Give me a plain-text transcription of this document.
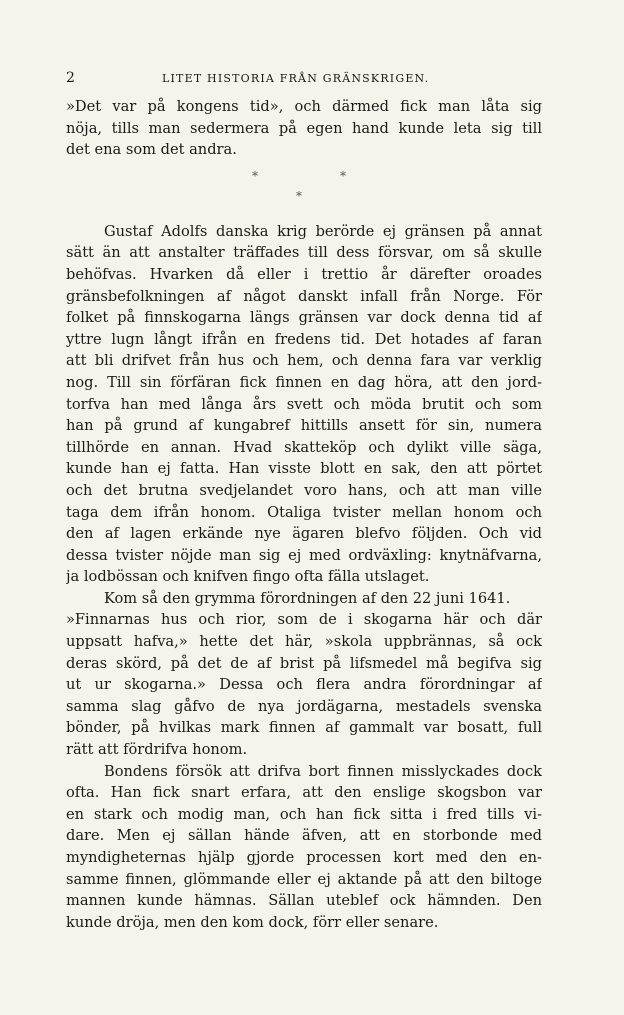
2	LITET HISTORIA FRÅN GRÄNSKRIGEN.
»Det var på kongens tid», och därmed fick man låta sig
nöja, tills man sedermera på egen hand kunde leta sig till
det ena som det andra.
*	*
*
Gustaf Adolfs danska krig berörde ej gränsen på annat
sätt än att anstalter träffades till dess försvar, om så skulle
behöfvas. Hvarken då eller i trettio år därefter oroades
gränsbefolkningen af något danskt infall från Norge. För
folket på finnskogarna längs gränsen var dock denna tid af
yttre lugn långt ifrån en fredens tid. Det hotades af faran
att bli drifvet från hus och hem, och denna fara var verklig
nog. Till sin förfäran fick finnen en dag höra, att den jord-
torfva han med långa års svett och möda brutit och som
han på grund af kungabref hittills ansett för sin, numera
tillhörde en annan. Hvad skatteköp och dylikt ville säga,
kunde han ej fatta. Han visste blott en sak, den att pörtet
och det brutna svedjelandet voro hans, och att man ville
taga dem ifrån honom. Otaliga tvister mellan honom och
den af lagen erkände nye ägaren blefvo följden. Och vid
dessa tvister nöjde man sig ej med ordväxling: knytnäfvarna,
ja lodbössan och knifven fingo ofta fälla utslaget.
Kom så den grymma förordningen af den 22 juni 1641.
»Finnarnas hus och rior, som de i skogarna här och där
uppsatt hafva,» hette det här, »skola uppbrännas, så ock
deras skörd, på det de af brist på lifsmedel må begifva sig
ut ur skogarna.» Dessa och flera andra förordningar af
samma slag gåfvo de nya jordägarna, mestadels svenska
bönder, på hvilkas mark finnen af gammalt var bosatt, full
rätt att fördrifva honom.
Bondens försök att drifva bort finnen misslyckades dock
ofta. Han fick snart erfara, att den enslige skogsbon var
en stark och modig man, och han fick sitta i fred tills vi-
dare. Men ej sällan hände äfven, att en storbonde med
myndigheternas hjälp gjorde processen kort med den en-
samme finnen, glömmande eller ej aktande på att den biltoge
mannen kunde hämnas. Sällan uteblef ock hämnden. Den
kunde dröja, men den kom dock, förr eller senare.
